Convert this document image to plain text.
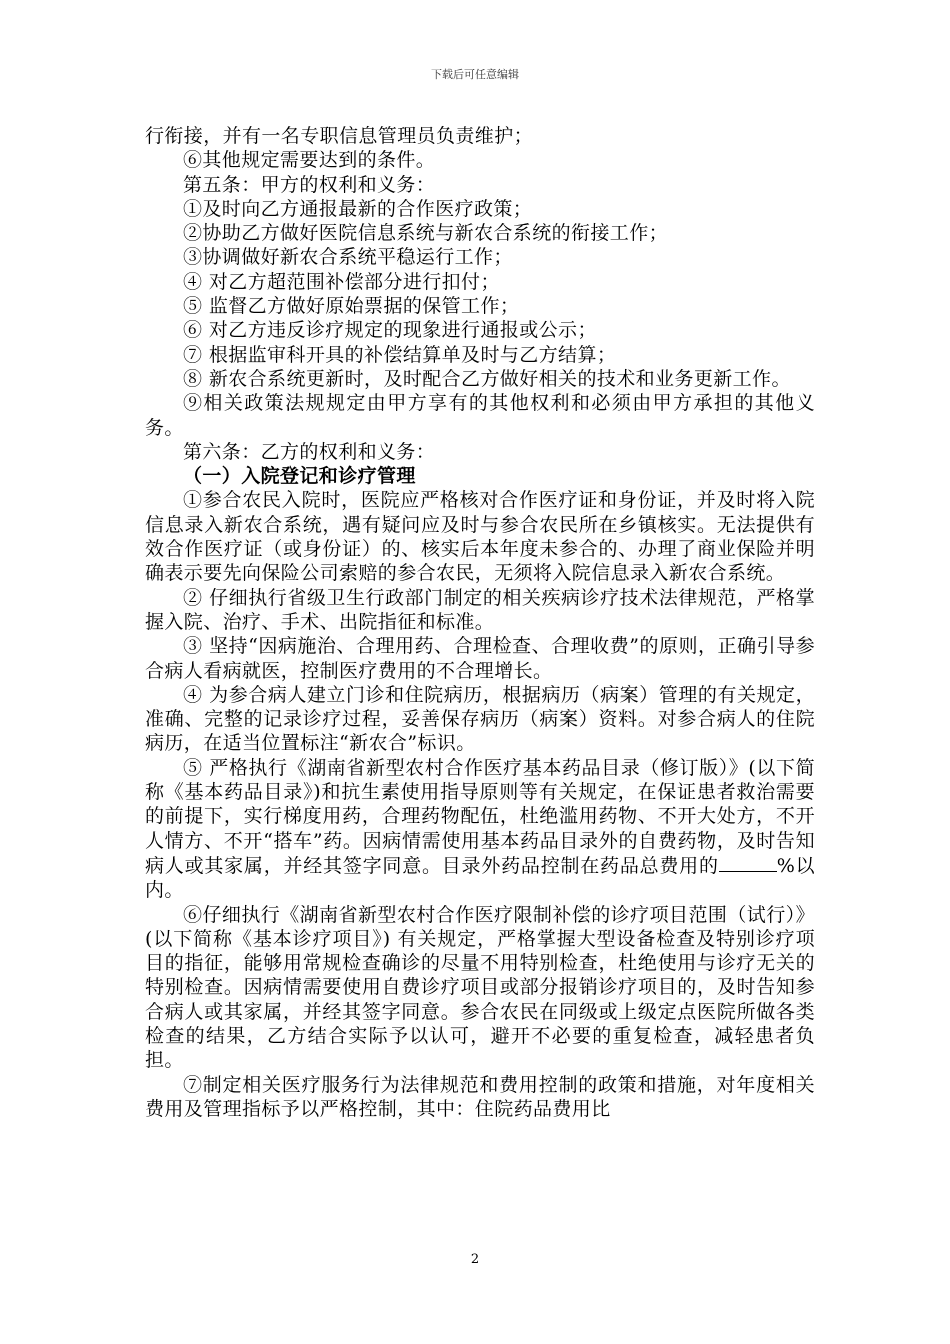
下载后可任意编辑

行衔接，并有一名专职信息管理员负责维护；

⑥其他规定需要达到的条件。

第五条：甲方的权利和义务：

①及时向乙方通报最新的合作医疗政策；

②协助乙方做好医院信息系统与新农合系统的衔接工作；

③协调做好新农合系统平稳运行工作；

④ 对乙方超范围补偿部分进行扣付；

⑤ 监督乙方做好原始票据的保管工作；

⑥ 对乙方违反诊疗规定的现象进行通报或公示；

⑦ 根据监审科开具的补偿结算单及时与乙方结算；

⑧ 新农合系统更新时，及时配合乙方做好相关的技术和业务更新工作。

⑨相关政策法规规定由甲方享有的其他权利和必须由甲方承担的其他义务。

第六条：乙方的权利和义务：

（一）入院登记和诊疗管理

①参合农民入院时，医院应严格核对合作医疗证和身份证，并及时将入院信息录入新农合系统，遇有疑问应及时与参合农民所在乡镇核实。无法提供有效合作医疗证（或身份证）的、核实后本年度未参合的、办理了商业保险并明确表示要先向保险公司索赔的参合农民，无须将入院信息录入新农合系统。

② 仔细执行省级卫生行政部门制定的相关疾病诊疗技术法律规范，严格掌握入院、治疗、手术、出院指征和标准。

③ 坚持“因病施治、合理用药、合理检查、合理收费”的原则，正确引导参合病人看病就医，控制医疗费用的不合理增长。

④ 为参合病人建立门诊和住院病历，根据病历（病案）管理的有关规定，准确、完整的记录诊疗过程，妥善保存病历（病案）资料。对参合病人的住院病历，在适当位置标注“新农合”标识。

⑤ 严格执行《湖南省新型农村合作医疗基本药品目录（修订版）》(以下简称《基本药品目录》)和抗生素使用指导原则等有关规定，在保证患者救治需要的前提下，实行梯度用药，合理药物配伍，杜绝滥用药物、不开大处方，不开人情方、不开“搭车”药。因病情需使用基本药品目录外的自费药物，及时告知病人或其家属，并经其签字同意。目录外药品控制在药品总费用的	%以内。

⑥仔细执行《湖南省新型农村合作医疗限制补偿的诊疗项目范围（试行）》(以下简称《基本诊疗项目》) 有关规定，严格掌握大型设备检查及特别诊疗项目的指征，能够用常规检查确诊的尽量不用特别检查，杜绝使用与诊疗无关的特别检查。因病情需要使用自费诊疗项目或部分报销诊疗项目的，及时告知参合病人或其家属，并经其签字同意。参合农民在同级或上级定点医院所做各类检查的结果，乙方结合实际予以认可，避开不必要的重复检查，减轻患者负担。

⑦制定相关医疗服务行为法律规范和费用控制的政策和措施，对年度相关费用及管理指标予以严格控制，其中：住院药品费用比

2
